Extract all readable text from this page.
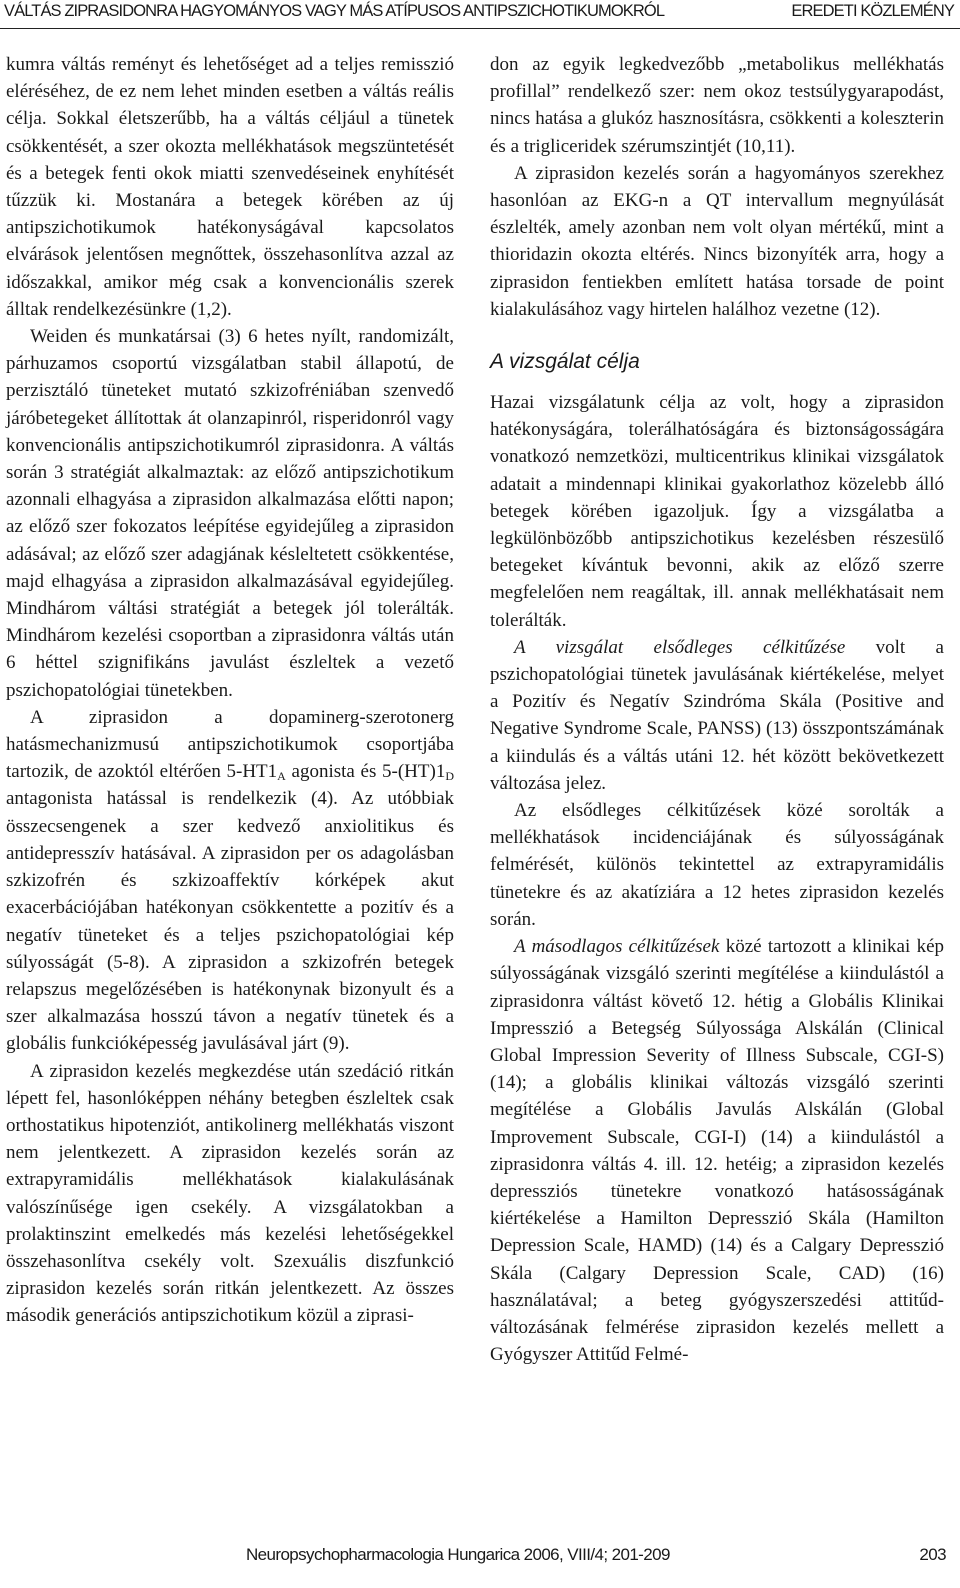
VÁLTÁS ZIPRASIDONRA HAGYOMÁNYOS VAGY MÁS ATÍPUSOS ANTIPSZICHOTIKUMOKRÓL	EREDETI KÖZLEMÉNY

kumra váltás reményt és lehetőséget ad a teljes remisszió eléréséhez, de ez nem lehet minden esetben a váltás reális célja. Sokkal életszerűbb, ha a váltás céljául a tünetek csökkentését, a szer okozta mellékhatások megszüntetését és a betegek fenti okok miatti szenvedéseinek enyhítését tűzzük ki. Mostanára a betegek körében az új antipszichotikumok hatékonyságával kapcsolatos elvárások jelentősen megnőttek, összehasonlítva azzal az időszakkal, amikor még csak a konvencionális szerek álltak rendelkezésünkre (1,2).

Weiden és munkatársai (3) 6 hetes nyílt, randomizált, párhuzamos csoportú vizsgálatban stabil állapotú, de perzisztáló tüneteket mutató szkizofréniában szenvedő járóbetegeket állítottak át olanzapinról, risperidonról vagy konvencionális antipszichotikumról ziprasidonra. A váltás során 3 stratégiát alkalmaztak: az előző antipszichotikum azonnali elhagyása a ziprasidon alkalmazása előtti napon; az előző szer fokozatos leépítése egyidejűleg a ziprasidon adásával; az előző szer adagjának késleltetett csökkentése, majd elhagyása a ziprasidon alkalmazásával egyidejűleg. Mindhárom váltási stratégiát a betegek jól tolerálták. Mindhárom kezelési csoportban a ziprasidonra váltás után 6 héttel szignifikáns javulást észleltek a vezető pszichopatológiai tünetekben.

A ziprasidon a dopaminerg-szerotonerg hatásmechanizmusú antipszichotikumok csoportjába tartozik, de azoktól eltérően $5-HT1_A$ agonista és $5-(HT)1_D$ antagonista hatással is rendelkezik (4). Az utóbbiak összecsengenek a szer kedvező anxiolitikus és antidepresszív hatásával. A ziprasidon per os adagolásban szkizofrén és szkizoaffektív kórképek akut exacerbációjában hatékonyan csökkentette a pozitív és a negatív tüneteket és a teljes pszichopatológiai kép súlyosságát (5-8). A ziprasidon a szkizofrén betegek relapszus megelőzésében is hatékonynak bizonyult és a szer alkalmazása hosszú távon a negatív tünetek és a globális funkcióképesség javulásával járt (9).

A ziprasidon kezelés megkezdése után szedáció ritkán lépett fel, hasonlóképpen néhány betegben észleltek csak orthostatikus hipotenziót, antikolinerg mellékhatás viszont nem jelentkezett. A ziprasidon kezelés során az extrapyramidális mellékhatások kialakulásának valószínűsége igen csekély. A vizsgálatokban a prolaktinszint emelkedés más kezelési lehetőségekkel összehasonlítva csekély volt. Szexuális diszfunkció ziprasidon kezelés során ritkán jelentkezett. Az összes második generációs antipszichotikum közül a ziprasi-

don az egyik legkedvezőbb „metabolikus mellékhatás profillal” rendelkező szer: nem okoz testsúlygyarapodást, nincs hatása a glukóz hasznosításra, csökkenti a koleszterin és a trigliceridek szérumszintjét (10,11).

A ziprasidon kezelés során a hagyományos szerekhez hasonlóan az EKG-n a QT intervallum megnyúlását észlelték, amely azonban nem volt olyan mértékű, mint a thioridazin okozta eltérés. Nincs bizonyíték arra, hogy a ziprasidon fentiekben említett hatása torsade de point kialakulásához vagy hirtelen halálhoz vezetne (12).

A vizsgálat célja

Hazai vizsgálatunk célja az volt, hogy a ziprasidon hatékonyságára, tolerálhatóságára és biztonságosságára vonatkozó nemzetközi, multicentrikus klinikai vizsgálatok adatait a mindennapi klinikai gyakorlathoz közelebb álló betegek körében igazoljuk. Így a vizsgálatba a legkülönbözőbb antipszichotikus kezelésben részesülő betegeket kívántuk bevonni, akik az előző szerre megfelelően nem reagáltak, ill. annak mellékhatásait nem tolerálták.

A vizsgálat elsődleges célkitűzése volt a pszichopatológiai tünetek javulásának kiértékelése, melyet a Pozitív és Negatív Szindróma Skála (Positive and Negative Syndrome Scale, PANSS) (13) összpontszámának a kiindulás és a váltás utáni 12. hét között bekövetkezett változása jelez.

Az elsődleges célkitűzések közé sorolták a mellékhatások incidenciájának és súlyosságának felmérését, különös tekintettel az extrapyramidális tünetekre és az akatíziára a 12 hetes ziprasidon kezelés során.

A másodlagos célkitűzések közé tartozott a klinikai kép súlyosságának vizsgáló szerinti megítélése a kiindulástól a ziprasidonra váltást követő 12. hétig a Globális Klinikai Impresszió a Betegség Súlyossága Alskálán (Clinical Global Impression Severity of Illness Subscale, CGI-S) (14); a globális klinikai változás vizsgáló szerinti megítélése a Globális Javulás Alskálán (Global Improvement Subscale, CGI-I) (14) a kiindulástól a ziprasidonra váltás 4. ill. 12. hetéig; a ziprasidon kezelés depressziós tünetekre vonatkozó hatásosságának kiértékelése a Hamilton Depresszió Skála (Hamilton Depression Scale, HAMD) (14) és a Calgary Depresszió Skála (Calgary Depression Scale, CAD) (16) használatával; a beteg gyógyszerszedési attitűd-változásának felmérése ziprasidon kezelés mellett a Gyógyszer Attitűd Felmé-

Neuropsychopharmacologia Hungarica 2006, VIII/4; 201-209	203
